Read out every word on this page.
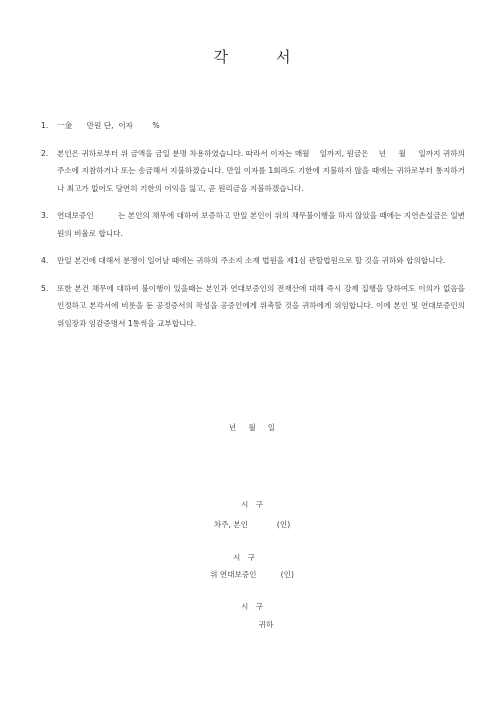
각	서
1.	一金      만원 단,  이자        %
2.	본인은 귀하로부터 위 금액을 금일 분명 차용하였습니다. 따라서 이자는 매월    일까지, 원금은    년     월     일까지 귀하의 주소에 지참하거나 또는 송금해서 지불하겠습니다. 만일 이자를 1회라도 기한에 지불하지 않을 때에는 귀하로부터 통지하거나 최고가 없어도 당연히 기한의 이익을 잃고, 곧 원리금을 지불하겠습니다.
3.	연대보증인          는 본인의 채무에 대하여 보증하고 만일 본인이 위의 채무불이행을 하지 않았을 때에는 지연손실금은 일변        원의 비율로 합니다.
4.	만일 본건에 대해서 분쟁이 일어날 때에는 귀하의 주소지 소재 법원을 제1심 관할법원으로 할 것을 귀하와 합의합니다.
5.	또한 본건 채무에 대하여 불이행이 있을때는 본인과 연대보증인의 전재산에 대해 즉시 강제 집행을 당하여도 이의가 없음을 인정하고 본각서에 비롯을 둔 공정증서의 작성을 공증인에게 위촉할 것을 귀하에게 위임합니다. 이에 본인 및 연대보증인의 위임장과 임감증명서 1통씩을 교부합니다.
년     월     일
시   구
차주, 본인            (인)
시   구
위 연대보증인          (인)
시   구
귀하
